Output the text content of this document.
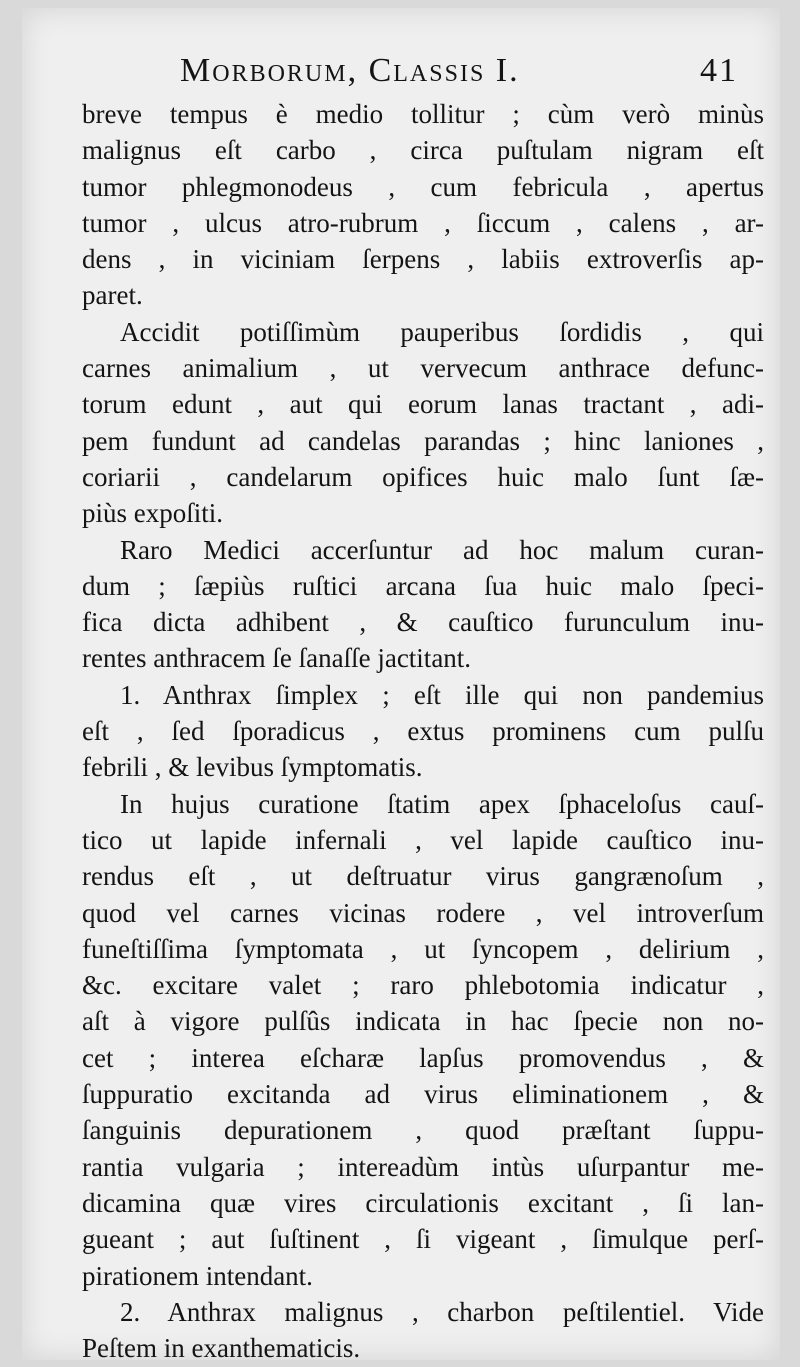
Morborum, Classis I.	41
breve tempus è medio tollitur ; cùm verò minùs
malignus eſt carbo , circa puſtulam nigram eſt
tumor phlegmonodeus , cum febricula , apertus
tumor , ulcus atro-rubrum , ſiccum , calens , ar-
dens , in viciniam ſerpens , labiis extroverſis ap-
paret.
Accidit potiſſimùm pauperibus ſordidis , qui
carnes animalium , ut vervecum anthrace defunc-
torum edunt , aut qui eorum lanas tractant , adi-
pem fundunt ad candelas parandas ; hinc laniones ,
coriarii , candelarum opifices huic malo ſunt ſæ-
piùs expoſiti.
Raro Medici accerſuntur ad hoc malum curan-
dum ; ſæpiùs ruſtici arcana ſua huic malo ſpeci-
fica dicta adhibent , & cauſtico furunculum inu-
rentes anthracem ſe ſanaſſe jactitant.
1. Anthrax ſimplex ; eſt ille qui non pandemius
eſt , ſed ſporadicus , extus prominens cum pulſu
febrili , & levibus ſymptomatis.
In hujus curatione ſtatim apex ſphaceloſus cauſ-
tico ut lapide infernali , vel lapide cauſtico inu-
rendus eſt , ut deſtruatur virus gangrænoſum ,
quod vel carnes vicinas rodere , vel introverſum
funeſtiſſima ſymptomata , ut ſyncopem , delirium ,
&c. excitare valet ; raro phlebotomia indicatur ,
aſt à vigore pulſûs indicata in hac ſpecie non no-
cet ; interea eſcharæ lapſus promovendus , &
ſuppuratio excitanda ad virus eliminationem , &
ſanguinis depurationem , quod præſtant ſuppu-
rantia vulgaria ; intereadùm intùs uſurpantur me-
dicamina quæ vires circulationis excitant , ſi lan-
gueant ; aut ſuſtinent , ſi vigeant , ſimulque perſ-
pirationem intendant.
2. Anthrax malignus , charbon peſtilentiel. Vide
Peſtem in exanthematicis.
